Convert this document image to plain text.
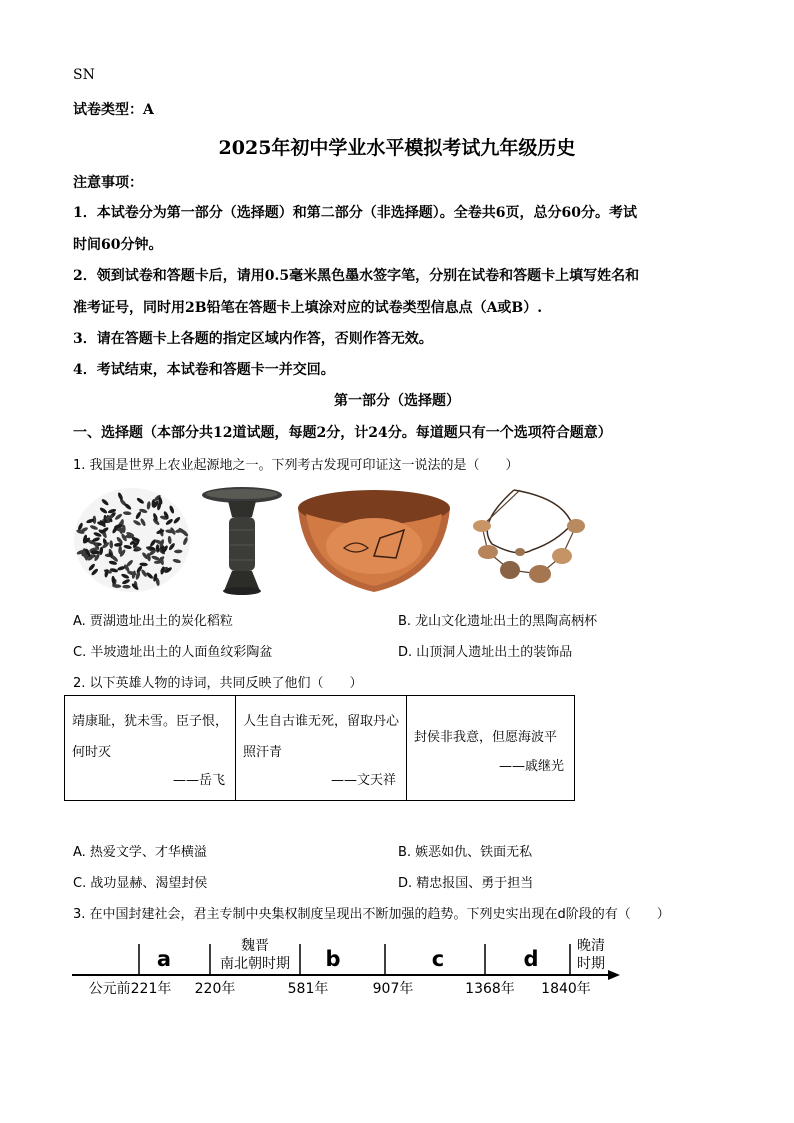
SN
试卷类型：A
2025年初中学业水平模拟考试九年级历史
注意事项：
1．本试卷分为第一部分（选择题）和第二部分（非选择题）。全卷共6页，总分60分。考试
时间60分钟。
2．领到试卷和答题卡后，请用0.5毫米黑色墨水签字笔，分别在试卷和答题卡上填写姓名和
准考证号，同时用2B铅笔在答题卡上填涂对应的试卷类型信息点（A或B）.
3．请在答题卡上各题的指定区域内作答，否则作答无效。
4．考试结束，本试卷和答题卡一并交回。
第一部分（选择题）
一、选择题（本部分共12道试题，每题2分，计24分。每道题只有一个选项符合题意）
1. 我国是世界上农业起源地之一。下列考古发现可印证这一说法的是（　　）
A. 贾湖遗址出土的炭化稻粒	B. 龙山文化遗址出土的黑陶高柄杯
C. 半坡遗址出土的人面鱼纹彩陶盆	D. 山顶洞人遗址出土的装饰品
2. 以下英雄人物的诗词，共同反映了他们（　　）
靖康耻，犹未雪。臣子恨，何时灭
——岳飞

人生自古谁无死，留取丹心照汗青
——文天祥

封侯非我意，但愿海波平
——戚继光
A. 热爱文学、才华横溢	B. 嫉恶如仇、铁面无私
C. 战功显赫、渴望封侯	D. 精忠报国、勇于担当
3. 在中国封建社会，君主专制中央集权制度呈现出不断加强的趋势。下列史实出现在d阶段的有（　　）
a
魏晋
南北朝时期 b	c	d
晚清
时期
公元前221年 220年	581年	907年	1368年 1840年
